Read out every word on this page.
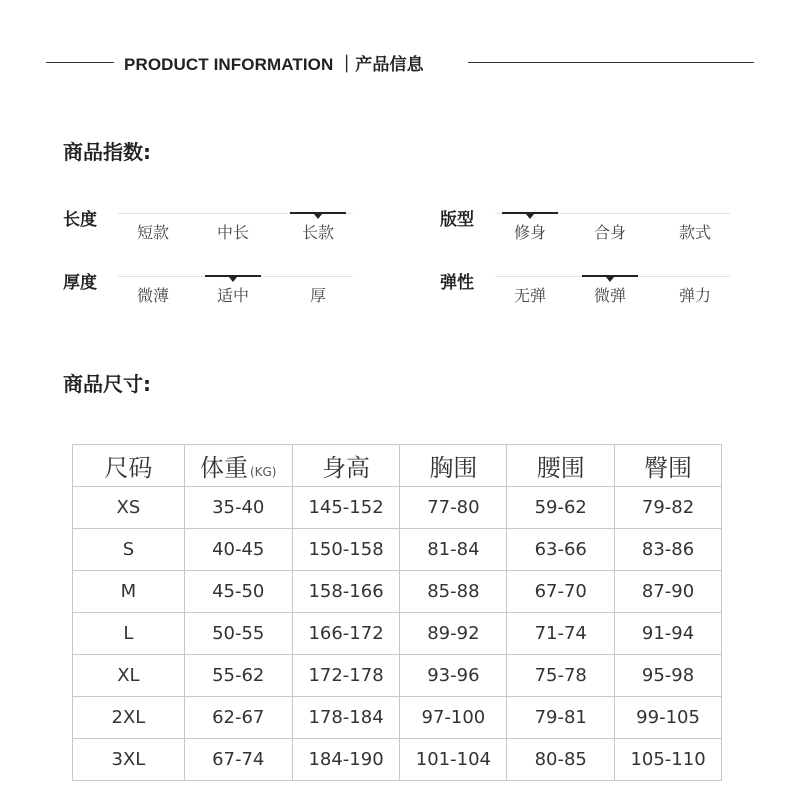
PRODUCT INFORMATION ｜产品信息
商品指数:
长度
短款	中长	长款
厚度
微薄	适中	厚
版型
修身	合身	款式
弹性
无弹	微弹	弹力
商品尺寸:
尺码	体重 (KG)	身高	胸围	腰围	臀围
XS	35-40	145-152	77-80	59-62	79-82
S	40-45	150-158	81-84	63-66	83-86
M	45-50	158-166	85-88	67-70	87-90
L	50-55	166-172	89-92	71-74	91-94
XL	55-62	172-178	93-96	75-78	95-98
2XL	62-67	178-184	97-100	79-81	99-105
3XL	67-74	184-190	101-104	80-85	105-110
